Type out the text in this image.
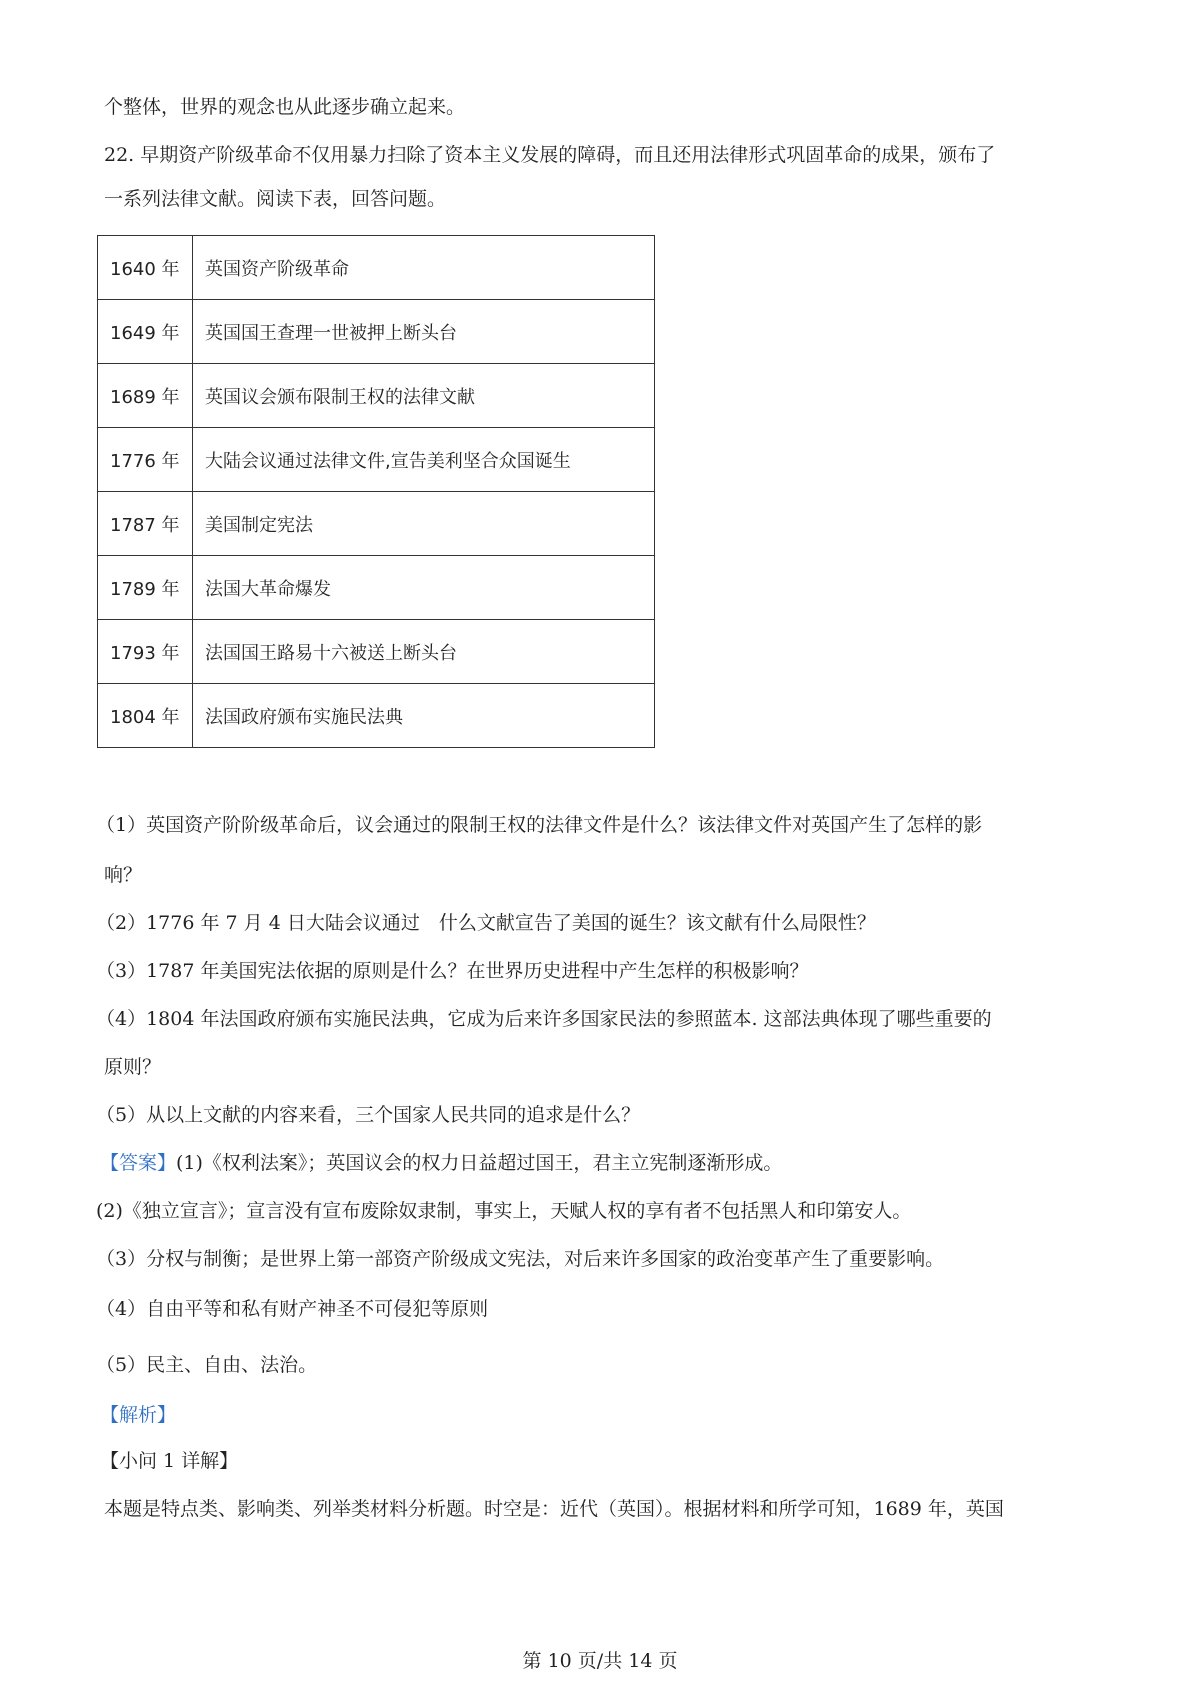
个整体，世界的观念也从此逐步确立起来。
22. 早期资产阶级革命不仅用暴力扫除了资本主义发展的障碍，而且还用法律形式巩固革命的成果，颁布了
一系列法律文献。阅读下表，回答问题。
1640 年	英国资产阶级革命
1649 年	英国国王查理一世被押上断头台
1689 年	英国议会颁布限制王权的法律文献
1776 年	大陆会议通过法律文件,宣告美利坚合众国诞生
1787 年	美国制定宪法
1789 年	法国大革命爆发
1793 年	法国国王路易十六被送上断头台
1804 年	法国政府颁布实施民法典
（1）英国资产阶阶级革命后，议会通过的限制王权的法律文件是什么？该法律文件对英国产生了怎样的影
响？
（2）1776 年 7 月 4 日大陆会议通过　什么文献宣告了美国的诞生？该文献有什么局限性？
（3）1787 年美国宪法依据的原则是什么？在世界历史进程中产生怎样的积极影响？
（4）1804 年法国政府颁布实施民法典，它成为后来许多国家民法的参照蓝本. 这部法典体现了哪些重要的
原则？
（5）从以上文献的内容来看，三个国家人民共同的追求是什么？
【答案】(1)《权利法案》；英国议会的权力日益超过国王，君主立宪制逐渐形成。
(2)《独立宣言》；宣言没有宣布废除奴隶制，事实上，天赋人权的享有者不包括黑人和印第安人。
（3）分权与制衡；是世界上第一部资产阶级成文宪法，对后来许多国家的政治变革产生了重要影响。
（4）自由平等和私有财产神圣不可侵犯等原则
（5）民主、自由、法治。
【解析】
【小问 1 详解】
本题是特点类、影响类、列举类材料分析题。时空是：近代（英国）。根据材料和所学可知，1689 年，英国
第 10 页/共 14 页
